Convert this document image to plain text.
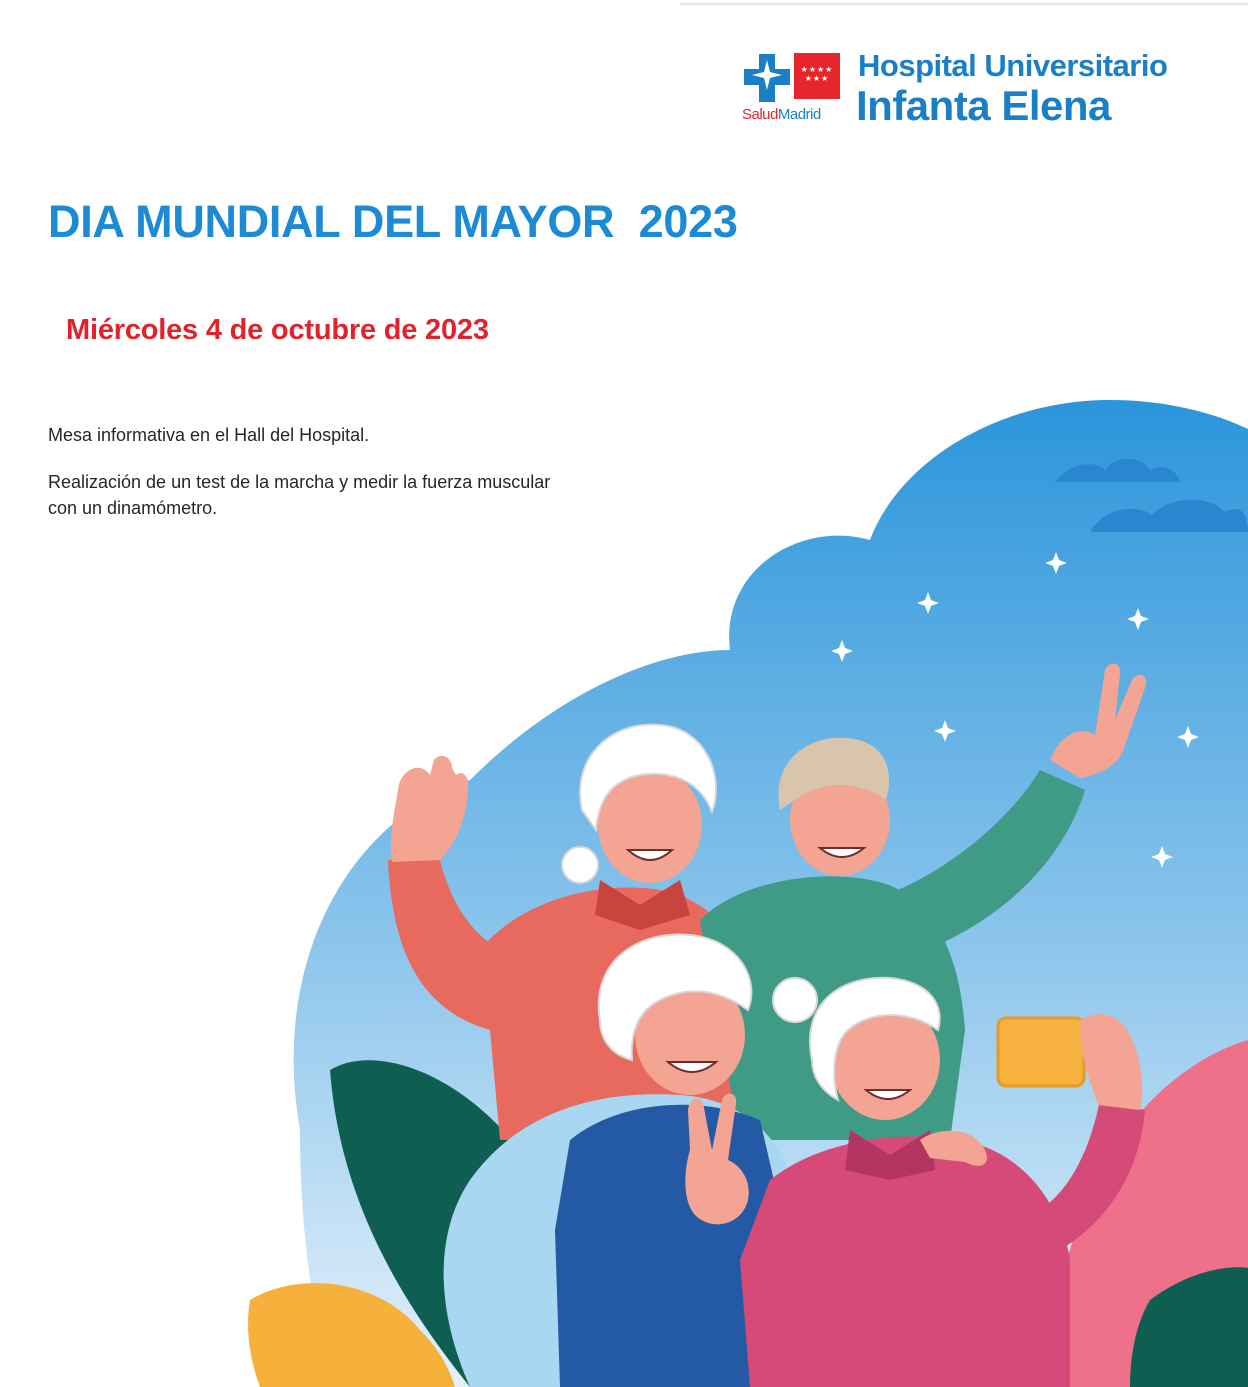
★★★★
★★★
SaludMadrid
Hospital Universitario
Infanta Elena
DIA MUNDIAL DEL MAYOR  2023
Miércoles 4 de octubre de 2023
Mesa informativa en el Hall del Hospital.
Realización de un test de la marcha y medir la fuerza muscular con un dinamómetro.
